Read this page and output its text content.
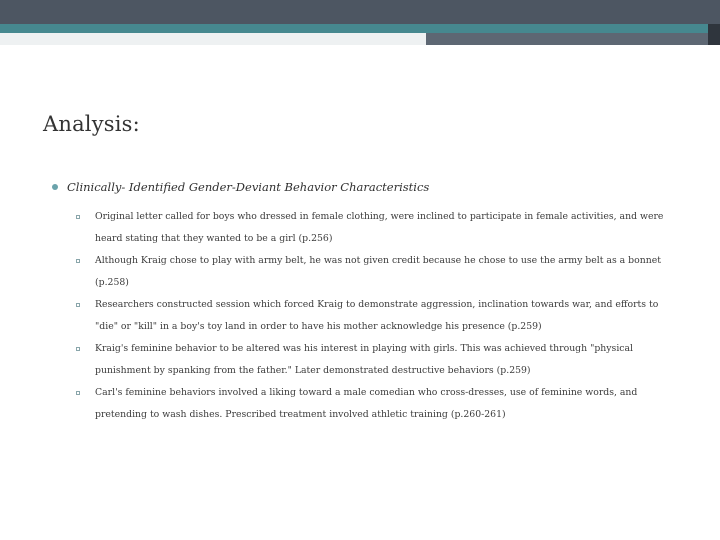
Analysis:
Clinically- Identified Gender-Deviant Behavior Characteristics
Original letter called for boys who dressed in female clothing, were inclined to participate in female activities, and were heard stating that they wanted to be a girl (p.256)
Although Kraig chose to play with army belt, he was not given credit because he chose to use the army belt as a bonnet (p.258)
Researchers constructed session which forced Kraig to demonstrate aggression, inclination towards war, and efforts to "die" or "kill" in a boy's toy land in order to have his mother acknowledge his presence (p.259)
Kraig's feminine behavior to be altered was his interest in playing with girls. This was achieved through "physical punishment by spanking from the father." Later demonstrated destructive behaviors (p.259)
Carl's feminine behaviors involved a liking toward a male comedian who cross-dresses, use of feminine words, and pretending to wash dishes. Prescribed treatment involved athletic training (p.260-261)
